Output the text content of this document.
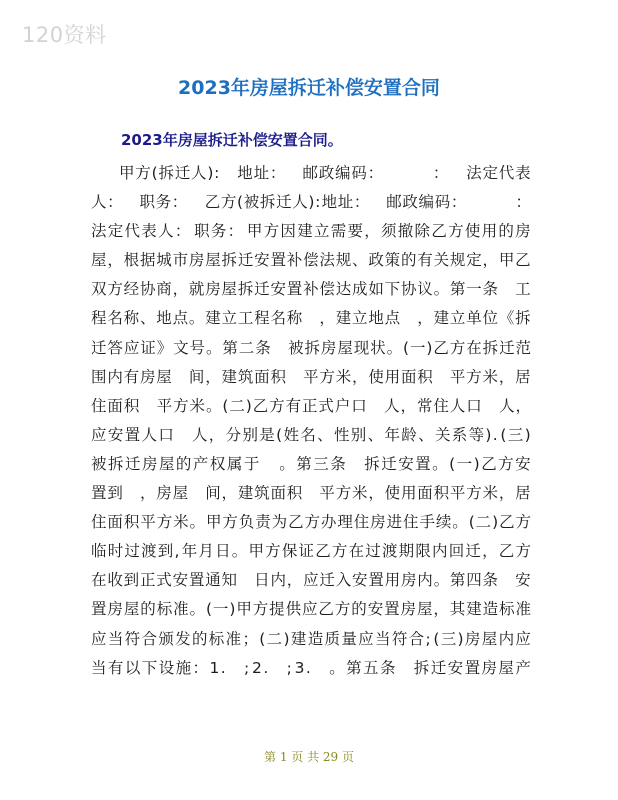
120资料
2023年房屋拆迁补偿安置合同
2023年房屋拆迁补偿安置合同。
甲 方 ( 拆 迁 人 ) :
　 地 址 ：
　 邮 政 编 码 ：

　	：
　 法 定 代 表
人 ：
　 职 务 ：
　 乙 方 ( 被 拆 迁 人 ) : 地 址 ：
　 邮 政 编 码 ：

　	：
法 定 代 表 人 ： 职 务 ： 甲 方 因 建 立 需 要 ， 须 撤 除 乙 方 使 用 的 房
屋 ， 根 据 城 市 房 屋 拆 迁 安 置 补 偿 法 规 、 政 策 的 有 关 规 定 ， 甲 乙
双 方 经 协 商 ， 就 房 屋 拆 迁 安 置 补 偿 达 成 如 下 协 议 。 第 一 条
　 工
程 名 称 、 地 点 。 建 立 工 程 名 称
　 ， 建 立 地 点
　 ， 建 立 单 位 《 拆
迁 答 应 证 》 文 号 。 第 二 条
　 被 拆 房 屋 现 状 。 ( 一 ) 乙 方 在 拆 迁 范
围 内 有 房 屋
　 间 ， 建 筑 面 积
　 平 方 米 ， 使 用 面 积
　 平 方 米 ， 居
住 面 积
　 平 方 米 。 ( 二 ) 乙 方 有 正 式 户 口
　 人 ， 常 住 人 口
　 人 ，
应 安 置 人 口
　 人 ， 分 别 是 ( 姓 名 、 性 别 、 年 龄 、 关 系 等 ) . ( 三 )
被 拆 迁 房 屋 的 产 权 属 于
　 。 第 三 条
　 拆 迁 安 置 。 ( 一 ) 乙 方 安
置 到
　 ， 房 屋
　 间 ， 建 筑 面 积
　 平 方 米 ， 使 用 面 积 平 方 米 ， 居
住 面 积 平 方 米 。 甲 方 负 责 为 乙 方 办 理 住 房 进 住 手 续 。 ( 二 ) 乙 方
临 时 过 渡 到 , 年 月 日 。 甲 方 保 证 乙 方 在 过 渡 期 限 内 回 迁 ， 乙 方
在 收 到 正 式 安 置 通 知
　 日 内 ， 应 迁 入 安 置 用 房 内 。 第 四 条
　 安
置 房 屋 的 标 准 。 ( 一 ) 甲 方 提 供 应 乙 方 的 安 置 房 屋 ， 其 建 造 标 准
应 当 符 合 颁 发 的 标 准 ； ( 二 ) 建 造 质 量 应 当 符 合 ; ( 三 ) 房 屋 内 应
当 有 以 下 设 施 ： 1 .
　 ; 2 .
　 ; 3 .
　 。 第 五 条
　 拆 迁 安 置 房 屋 产
第 1 页 共 29 页
